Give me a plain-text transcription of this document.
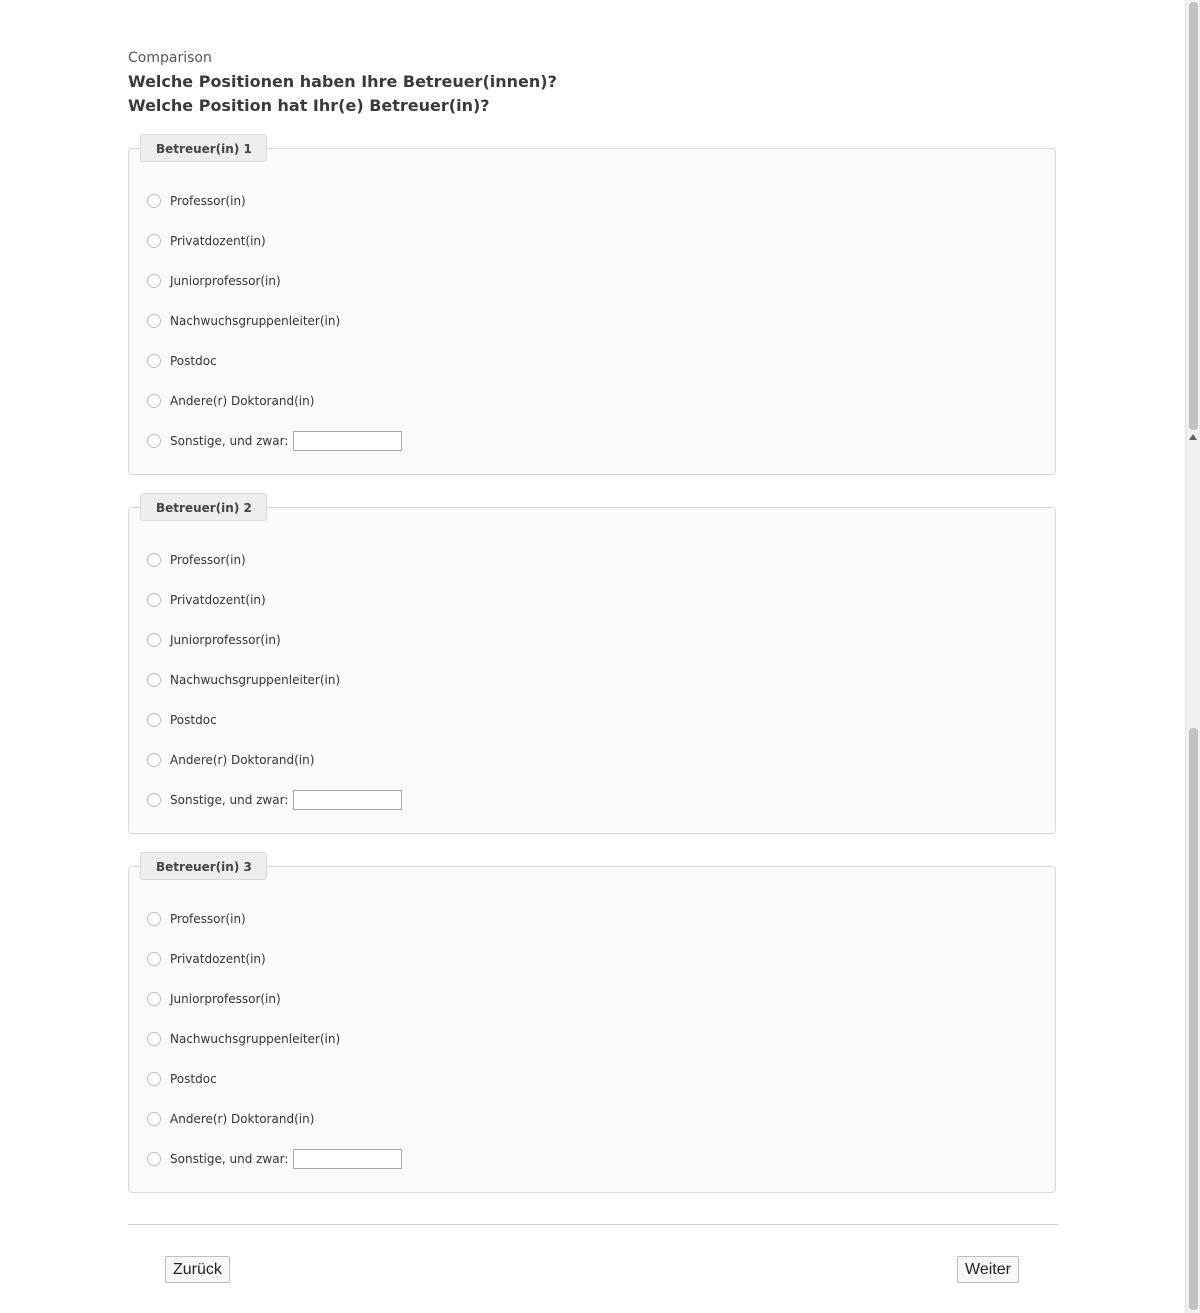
Comparison
Welche Positionen haben Ihre Betreuer(innen)?
Welche Position hat Ihr(e) Betreuer(in)?
Betreuer(in) 1
Professor(in)
Privatdozent(in)
Juniorprofessor(in)
Nachwuchsgruppenleiter(in)
Postdoc
Andere(r) Doktorand(in)
Sonstige, und zwar:
Betreuer(in) 2
Professor(in)
Privatdozent(in)
Juniorprofessor(in)
Nachwuchsgruppenleiter(in)
Postdoc
Andere(r) Doktorand(in)
Sonstige, und zwar:
Betreuer(in) 3
Professor(in)
Privatdozent(in)
Juniorprofessor(in)
Nachwuchsgruppenleiter(in)
Postdoc
Andere(r) Doktorand(in)
Sonstige, und zwar:
Zurück	Weiter
